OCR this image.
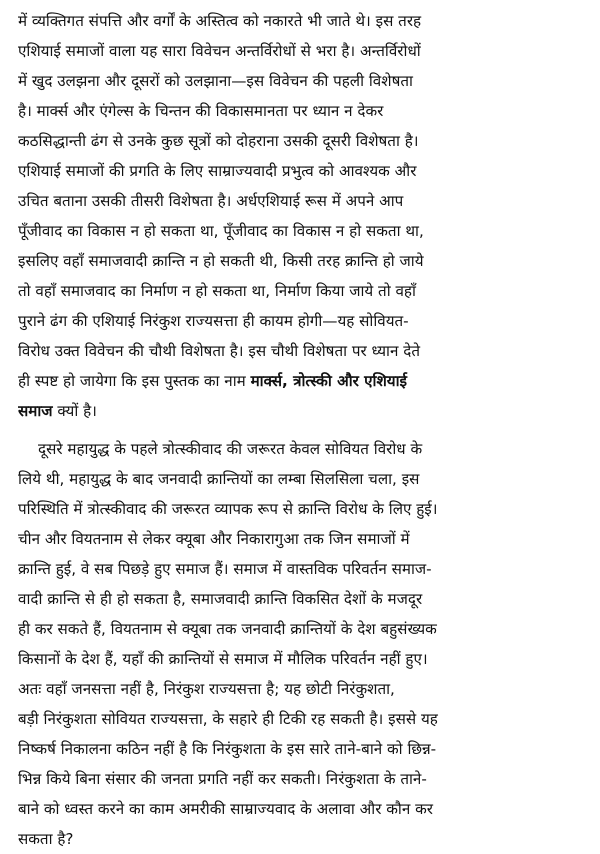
में व्यक्तिगत संपत्ति और वर्गों के अस्तित्व को नकारते भी जाते थे। इस तरह
एशियाई समाजों वाला यह सारा विवेचन अन्तर्विरोधों से भरा है। अन्तर्विरोधों
में खुद उलझना और दूसरों को उलझाना—इस विवेचन की पहली विशेषता
है। मार्क्स और एंगेल्स के चिन्तन की विकासमानता पर ध्यान न देकर
कठसिद्धान्ती ढंग से उनके कुछ सूत्रों को दोहराना उसकी दूसरी विशेषता है।
एशियाई समाजों की प्रगति के लिए साम्राज्यवादी प्रभुत्व को आवश्यक और
उचित बताना उसकी तीसरी विशेषता है। अर्धएशियाई रूस में अपने आप
पूँजीवाद का विकास न हो सकता था, पूँजीवाद का विकास न हो सकता था,
इसलिए वहाँ समाजवादी क्रान्ति न हो सकती थी, किसी तरह क्रान्ति हो जाये
तो वहाँ समाजवाद का निर्माण न हो सकता था, निर्माण किया जाये तो वहाँ
पुराने ढंग की एशियाई निरंकुश राज्यसत्ता ही कायम होगी—यह सोवियत-
विरोध उक्त विवेचन की चौथी विशेषता है। इस चौथी विशेषता पर ध्यान देते
ही स्पष्ट हो जायेगा कि इस पुस्तक का नाम मार्क्स, त्रोत्स्की और एशियाई
समाज क्यों है।
दूसरे महायुद्ध के पहले त्रोत्स्कीवाद की जरूरत केवल सोवियत विरोध के
लिये थी, महायुद्ध के बाद जनवादी क्रान्तियों का लम्बा सिलसिला चला, इस
परिस्थिति में त्रोत्स्कीवाद की जरूरत व्यापक रूप से क्रान्ति विरोध के लिए हुई।
चीन और वियतनाम से लेकर क्यूबा और निकारागुआ तक जिन समाजों में
क्रान्ति हुई, वे सब पिछड़े हुए समाज हैं। समाज में वास्तविक परिवर्तन समाज-
वादी क्रान्ति से ही हो सकता है, समाजवादी क्रान्ति विकसित देशों के मजदूर
ही कर सकते हैं, वियतनाम से क्यूबा तक जनवादी क्रान्तियों के देश बहुसंख्यक
किसानों के देश हैं, यहाँ की क्रान्तियों से समाज में मौलिक परिवर्तन नहीं हुए।
अतः वहाँ जनसत्ता नहीं है, निरंकुश राज्यसत्ता है; यह छोटी निरंकुशता,
बड़ी निरंकुशता सोवियत राज्यसत्ता, के सहारे ही टिकी रह सकती है। इससे यह
निष्कर्ष निकालना कठिन नहीं है कि निरंकुशता के इस सारे ताने-बाने को छिन्न-
भिन्न किये बिना संसार की जनता प्रगति नहीं कर सकती। निरंकुशता के ताने-
बाने को ध्वस्त करने का काम अमरीकी साम्राज्यवाद के अलावा और कौन कर
सकता है?
